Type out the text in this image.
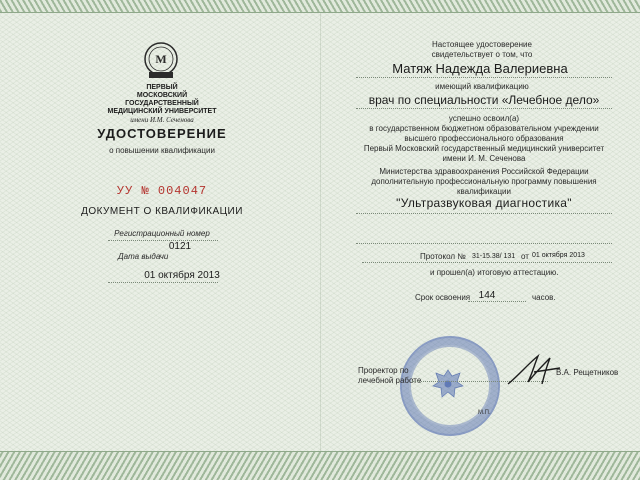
М
ПЕРВЫЙ
МОСКОВСКИЙ ГОСУДАРСТВЕННЫЙ
МЕДИЦИНСКИЙ УНИВЕРСИТЕТ
имени И.М. Сеченова
УДОСТОВЕРЕНИЕ
о повышении квалификации
УУ № 004047
ДОКУМЕНТ О КВАЛИФИКАЦИИ
Регистрационный номер
0121
Дата выдачи
01 октября 2013
Настоящее удостоверение
свидетельствует о том, что
Матяж Надежда Валериевна
имеющий квалификацию
врач по специальности «Лечебное дело»
успешно освоил(а)
в государственном бюджетном образовательном учреждении
высшего профессионального образования
Первый Московский государственный медицинский университет
имени И. М. Сеченова
Министерства здравоохранения Российской Федерации
дополнительную профессиональную программу повышения квалификации
"Ультразвуковая диагностика"
Протокол № 31-15.38/ 131 от 01 октября 2013
и прошел(а) итоговую аттестацию.
Срок освоения 144	часов.
Проректор по
лечебной работе
В.А. Рещетников
М.П.
